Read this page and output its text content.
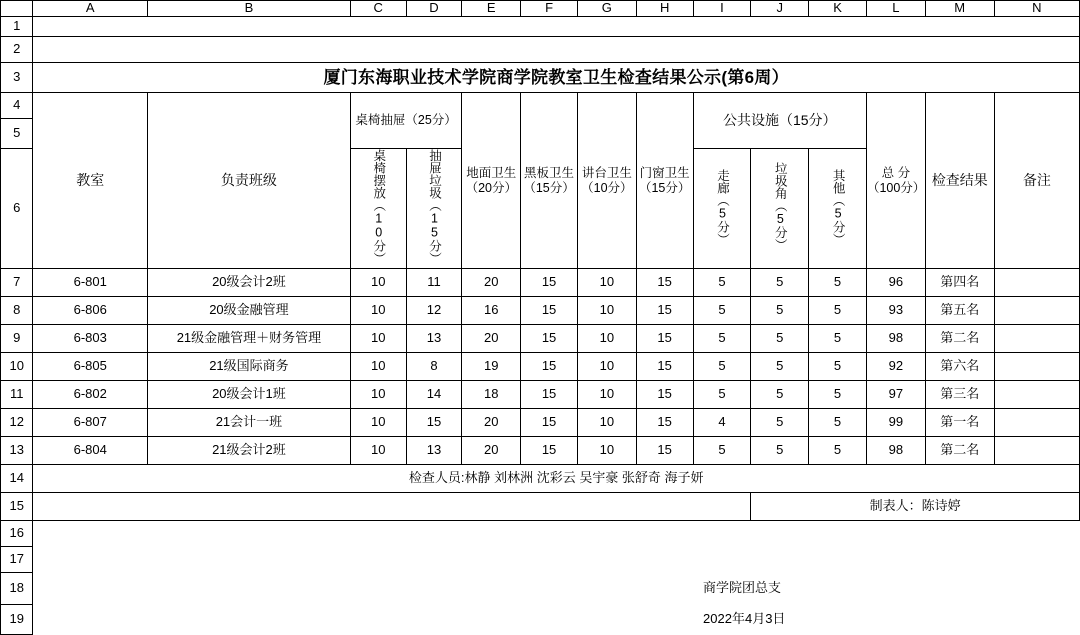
	A	B	C	D	E	F	G	H	I	J	K	L	M	N
1														
2														
3	厦门东海职业技术学院商学院教室卫生检查结果公示(第6周）													
4	教室	负责班级	桌椅抽屉（25分）		地面卫生（20分）	黑板卫生（15分）	讲台卫生（10分）	门窗卫生（15分）	公共设施（15分）			总 分（100分）	检查结果	备注
5														
6			桌椅摆放（10分）	抽屉垃圾（15分）					走廊（5分）	垃圾角（5分）	其他（5分）			
7	6-801	20级会计2班	10	11	20	15	10	15	5	5	5	96	第四名	
8	6-806	20级金融管理	10	12	16	15	10	15	5	5	5	93	第五名	
9	6-803	21级金融管理＋财务管理	10	13	20	15	10	15	5	5	5	98	第二名	
10	6-805	21级国际商务	10	8	19	15	10	15	5	5	5	92	第六名	
11	6-802	20级会计1班	10	14	18	15	10	15	5	5	5	97	第三名	
12	6-807	21会计一班	10	15	20	15	10	15	4	5	5	99	第一名	
13	6-804	21级会计2班	10	13	20	15	10	15	5	5	5	98	第二名	
14	检查人员:林静 刘林洲 沈彩云 吴宇豪 张舒奇 海子妍													
15										制表人：陈诗婷				
16														
17														
18									商学院团总支					
19									2022年4月3日					
